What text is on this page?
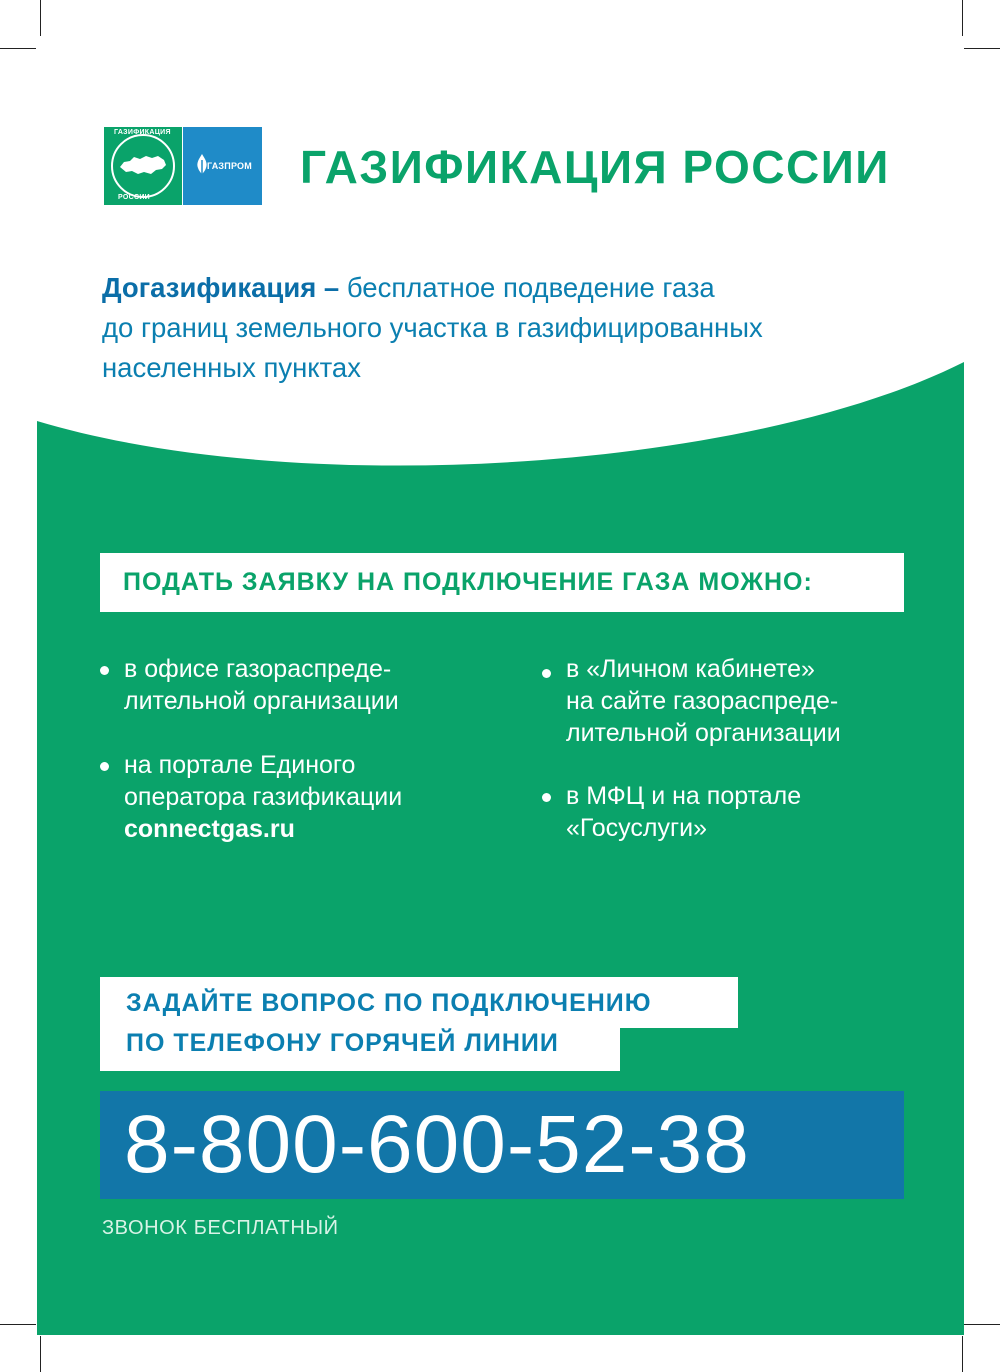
ГАЗИФИКАЦИЯ
РОССИИ
ГАЗПРОМ ГАЗИФИКАЦИЯ РОССИИ
Догазификация – бесплатное подведение газа
до границ земельного участка в газифицированных
населенных пунктах
ПОДАТЬ ЗАЯВКУ НА ПОДКЛЮЧЕНИЕ ГАЗА МОЖНО:
в офисе газораспреде-
лительной организации
на портале Единого
оператора газификации
connectgas.ru
в «Личном кабинете»
на сайте газораспреде-
лительной организации
в МФЦ и на портале
«Госуслуги»
ЗАДАЙТЕ ВОПРОС ПО ПОДКЛЮЧЕНИЮ
ПО ТЕЛЕФОНУ ГОРЯЧЕЙ ЛИНИИ
8-800-600-52-38
ЗВОНОК БЕСПЛАТНЫЙ
